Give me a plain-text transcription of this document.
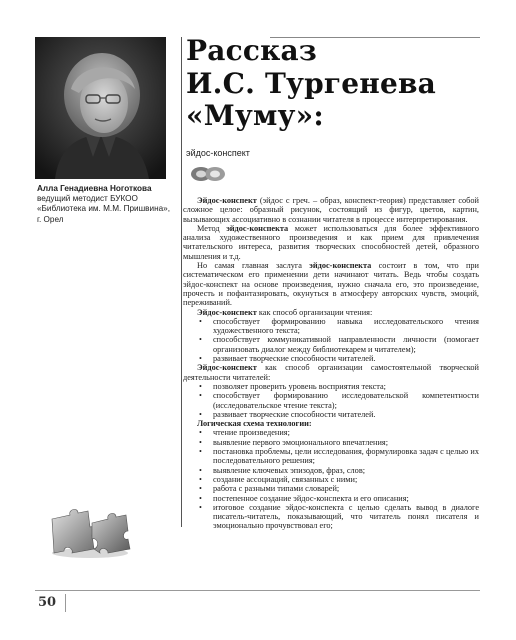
Алла Генадиевна Ноготкова
ведущий методист БУКОО
«Библиотека им. М.М. Пришвина»,
г. Орел
Рассказ
И.С. Тургенева
«Муму»:
эйдос-конспект

Эйдос-конспект (эйдос с греч. – образ, конспект-теория) представляет собой сложное целое: образный рисунок, состоящий из фигур, цветов, картин, вызывающих ассоциативно в сознании читателя в процессе интерпретирования.

Метод эйдос-конспекта может использоваться для более эффективного анализа художественного произведения и как прием для привлечения читательского интереса, развития творческих способностей детей, образного мышления и т.д.

Но самая главная заслуга эйдос-конспекта состоит в том, что при систематическом его применении дети начинают читать. Ведь чтобы создать эйдос-конспект на основе произведения, нужно сначала его, это произведение, прочесть и пофантазировать, окунуться в атмосферу авторских чувств, эмоций, переживаний.

Эйдос-конспект как способ организации чтения:

• способствует формированию навыка исследовательского чтения художественного текста;
• способствует коммуникативной направленности личности (помогает организовать диалог между библиотекарем и читателем);
• развивает творческие способности читателей.

Эйдос-конспект как способ организации самостоятельной творческой деятельности читателей:

• позволяет проверить уровень восприятия текста;
• способствует формированию исследовательской компетентности (исследовательское чтение текста);
• развивает творческие способности читателей.

Логическая схема технологии:

• чтение произведения;
• выявление первого эмоционального впечатления;
• постановка проблемы, цели исследования, формулировка задач с целью их последовательного решения;
• выявление ключевых эпизодов, фраз, слов;
• создание ассоциаций, связанных с ними;
• работа с разными типами словарей;
• постепенное создание эйдос-конспекта и его описания;
• итоговое создание эйдос-конспекта с целью сделать вывод в диалоге писатель-читатель, показывающий, что читатель понял писателя и эмоционально прочувствовал его;
50
